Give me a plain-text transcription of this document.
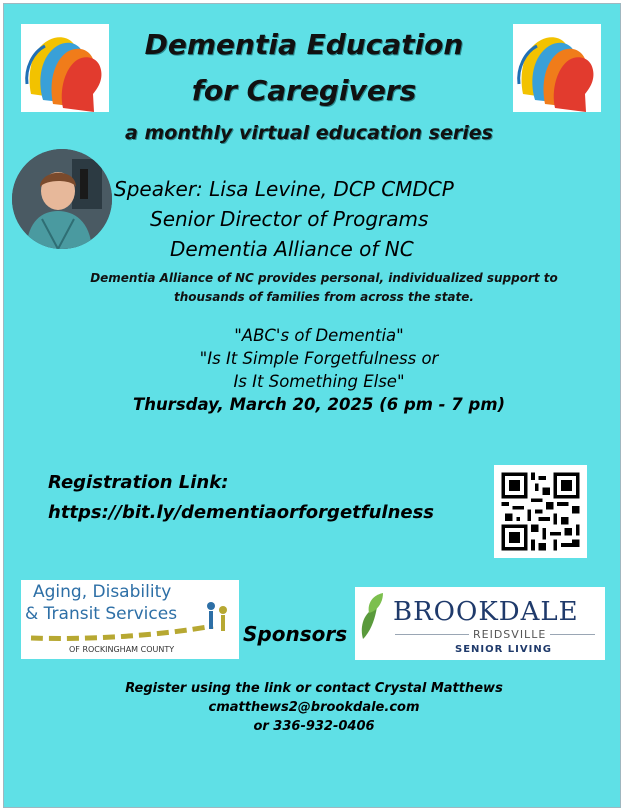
Dementia Education
for Caregivers
a monthly virtual education series
Speaker: Lisa Levine, DCP CMDCP
Senior Director of Programs
Dementia Alliance of NC
Dementia Alliance of NC provides personal, individualized support to
thousands of families from across the state.
"ABC's of Dementia"
"Is It Simple Forgetfulness or
Is It Something Else"
Thursday, March 20, 2025 (6 pm - 7 pm)
Registration Link:
https://bit.ly/dementiaorforgetfulness
Aging, Disability
& Transit Services
OF ROCKINGHAM COUNTY
Sponsors
BROOKDALE
REIDSVILLE
SENIOR LIVING
Register using the link or contact Crystal Matthews
cmatthews2@brookdale.com
or 336-932-0406
